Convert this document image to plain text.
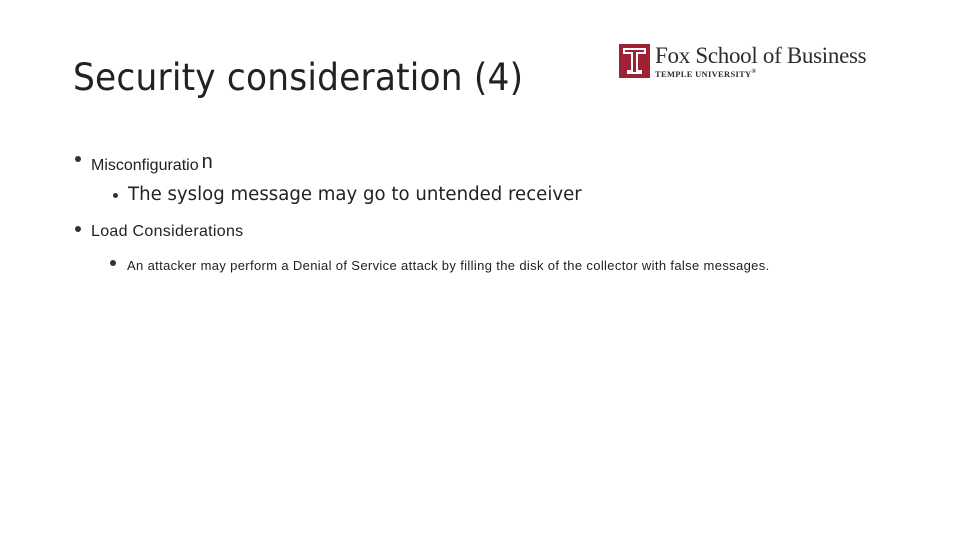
Security consideration (4)
Fox School of Business
TEMPLE UNIVERSITY®
Misconfiguratio n
The syslog message may go to untended receiver
Load Considerations
An attacker may perform a Denial of Service attack by filling the disk of the collector with false messages.
